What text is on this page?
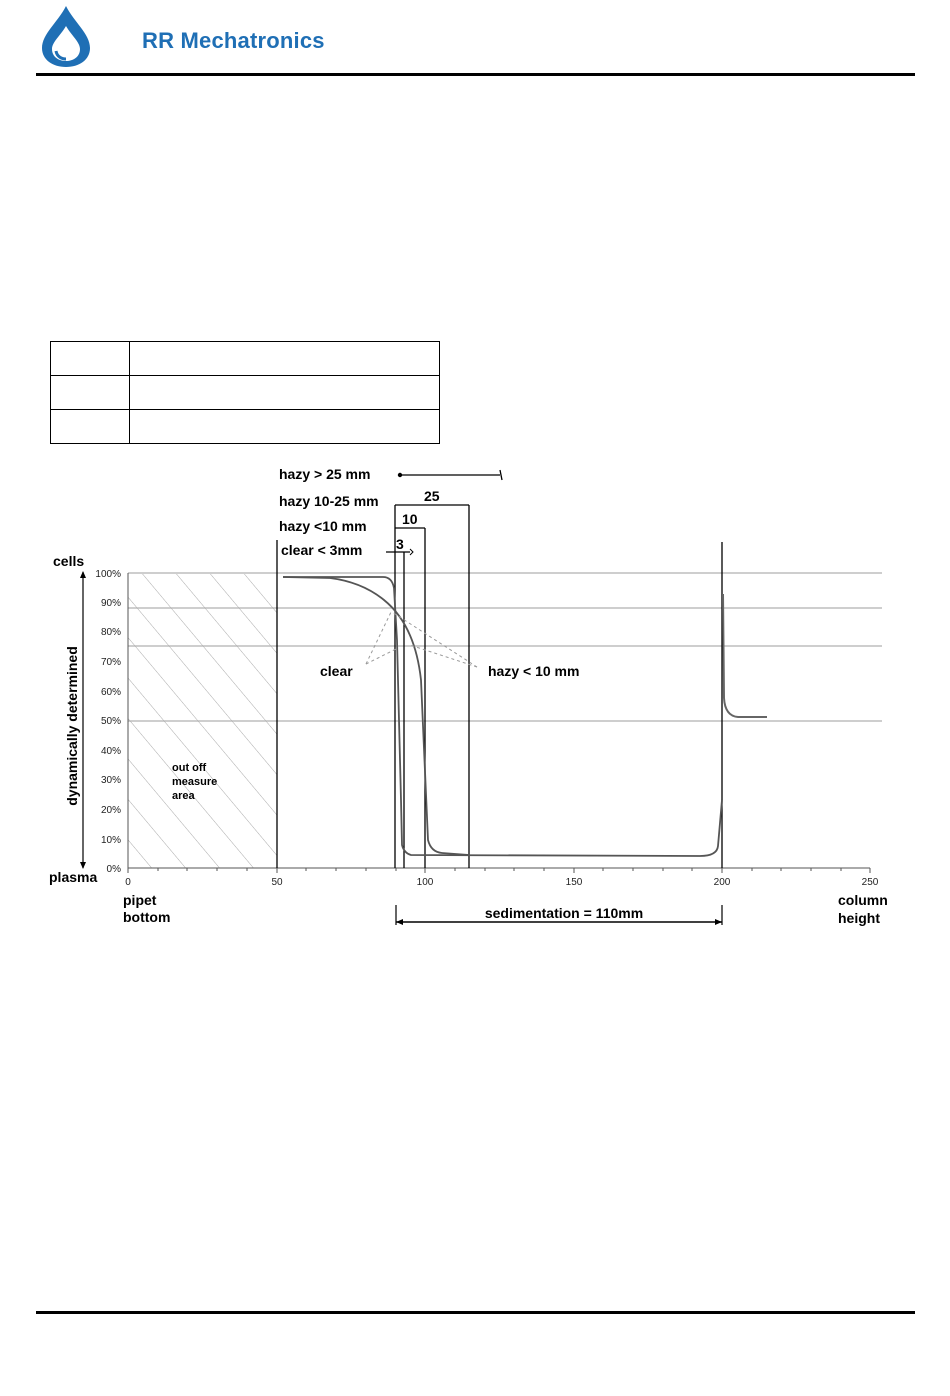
RR Mechatronics

100%
90%
80%
70%
60%
50%
40%
30%
20%
10%
0%
0	50	100	150	200	250
cells
plasma
dynamically determined
pipet
bottom
column
height
out off
measure
area
hazy > 25 mm
hazy 10-25 mm
hazy <10 mm
clear < 3mm
25
10
3
clear	hazy < 10 mm
sedimentation = 110mm
